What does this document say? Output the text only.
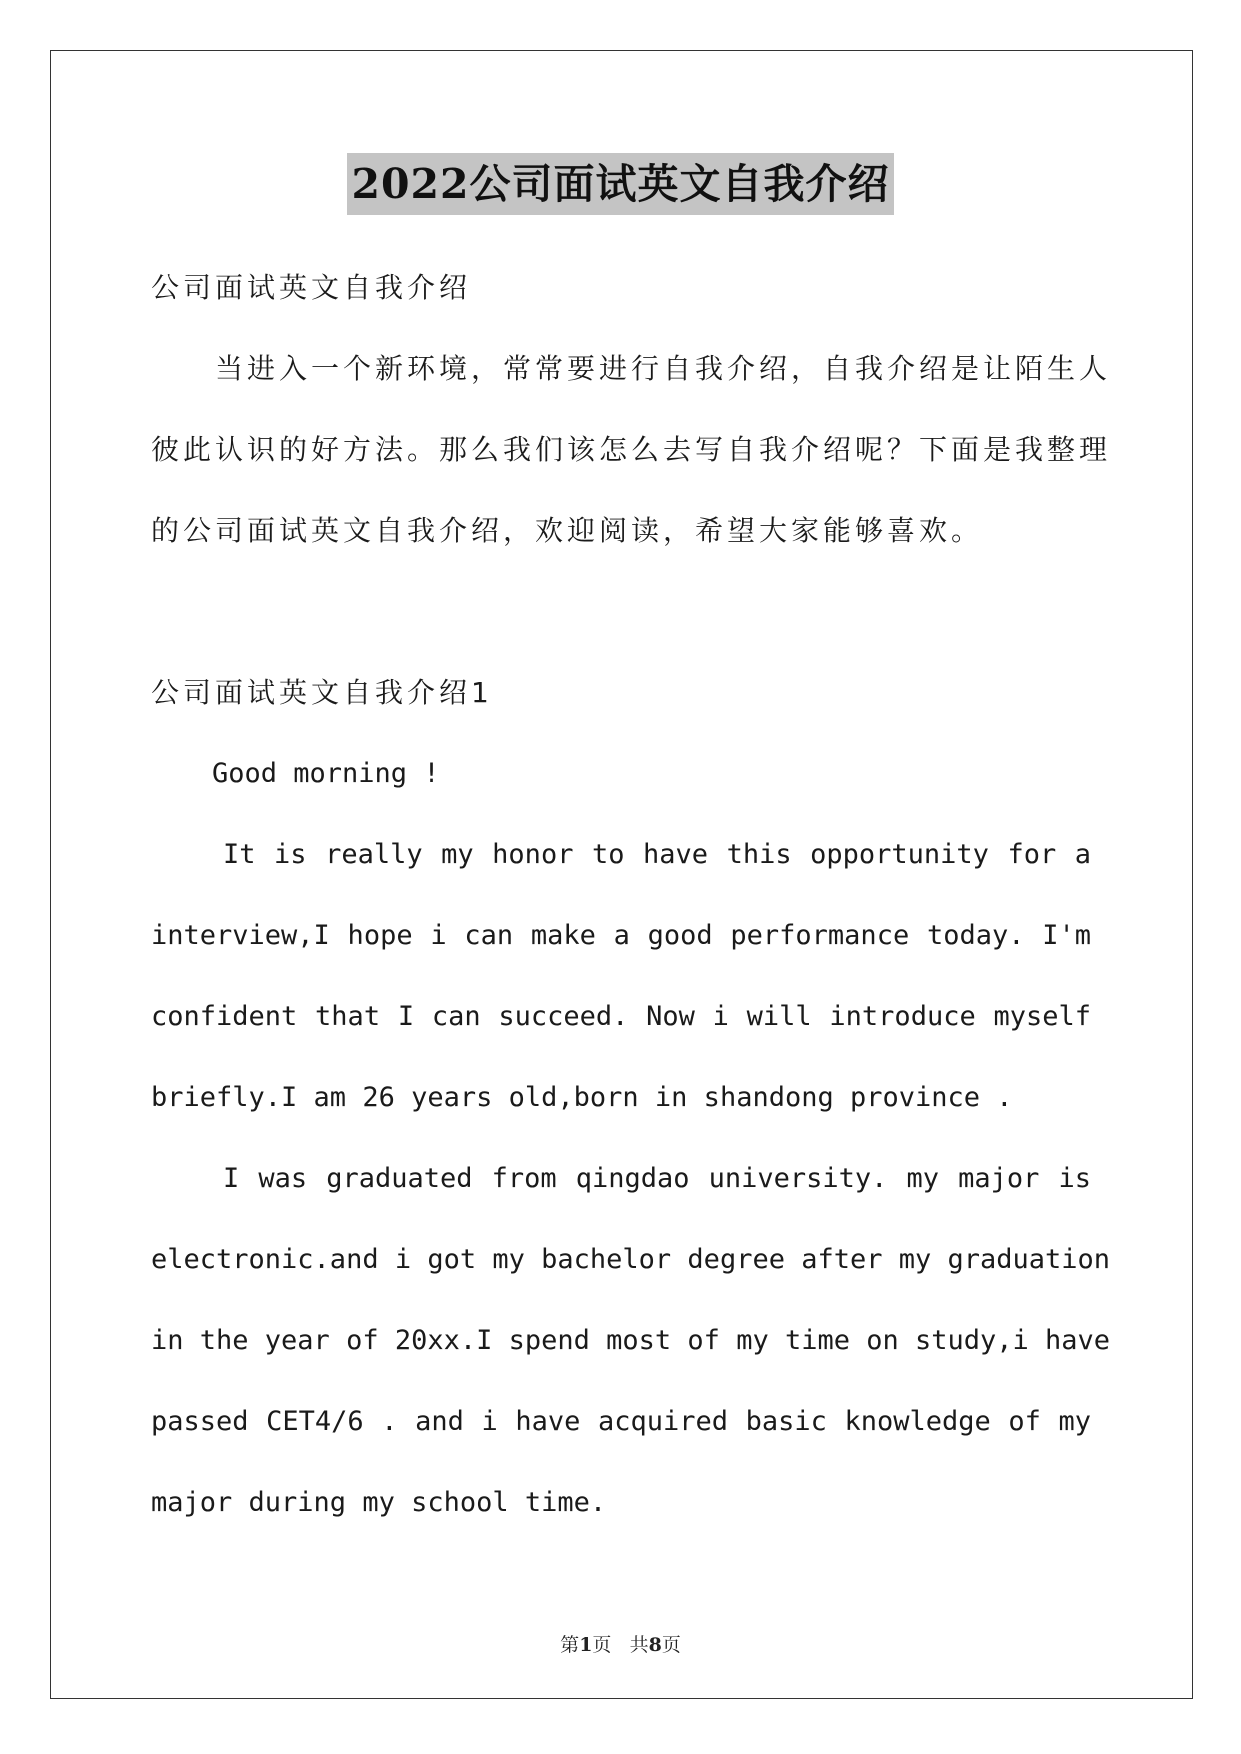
2022公司面试英文自我介绍
公司面试英文自我介绍
　　当进入一个新环境，常常要进行自我介绍，自我介绍是让陌生人
彼此认识的好方法。那么我们该怎么去写自我介绍呢？下面是我整理
的公司面试英文自我介绍，欢迎阅读，希望大家能够喜欢。
公司面试英文自我介绍1
Good morning !
It is really my honor to have this opportunity for a
interview,I hope i can make a good performance today. I'm
confident that I can succeed. Now i will introduce myself
briefly.I am 26 years old,born in shandong province .
I was graduated from qingdao university. my major is
electronic.and i got my bachelor degree after my graduation
in the year of 20xx.I spend most of my time on study,i have
passed CET4/6 . and i have acquired basic knowledge of my
major during my school time.
第1页 共8页
